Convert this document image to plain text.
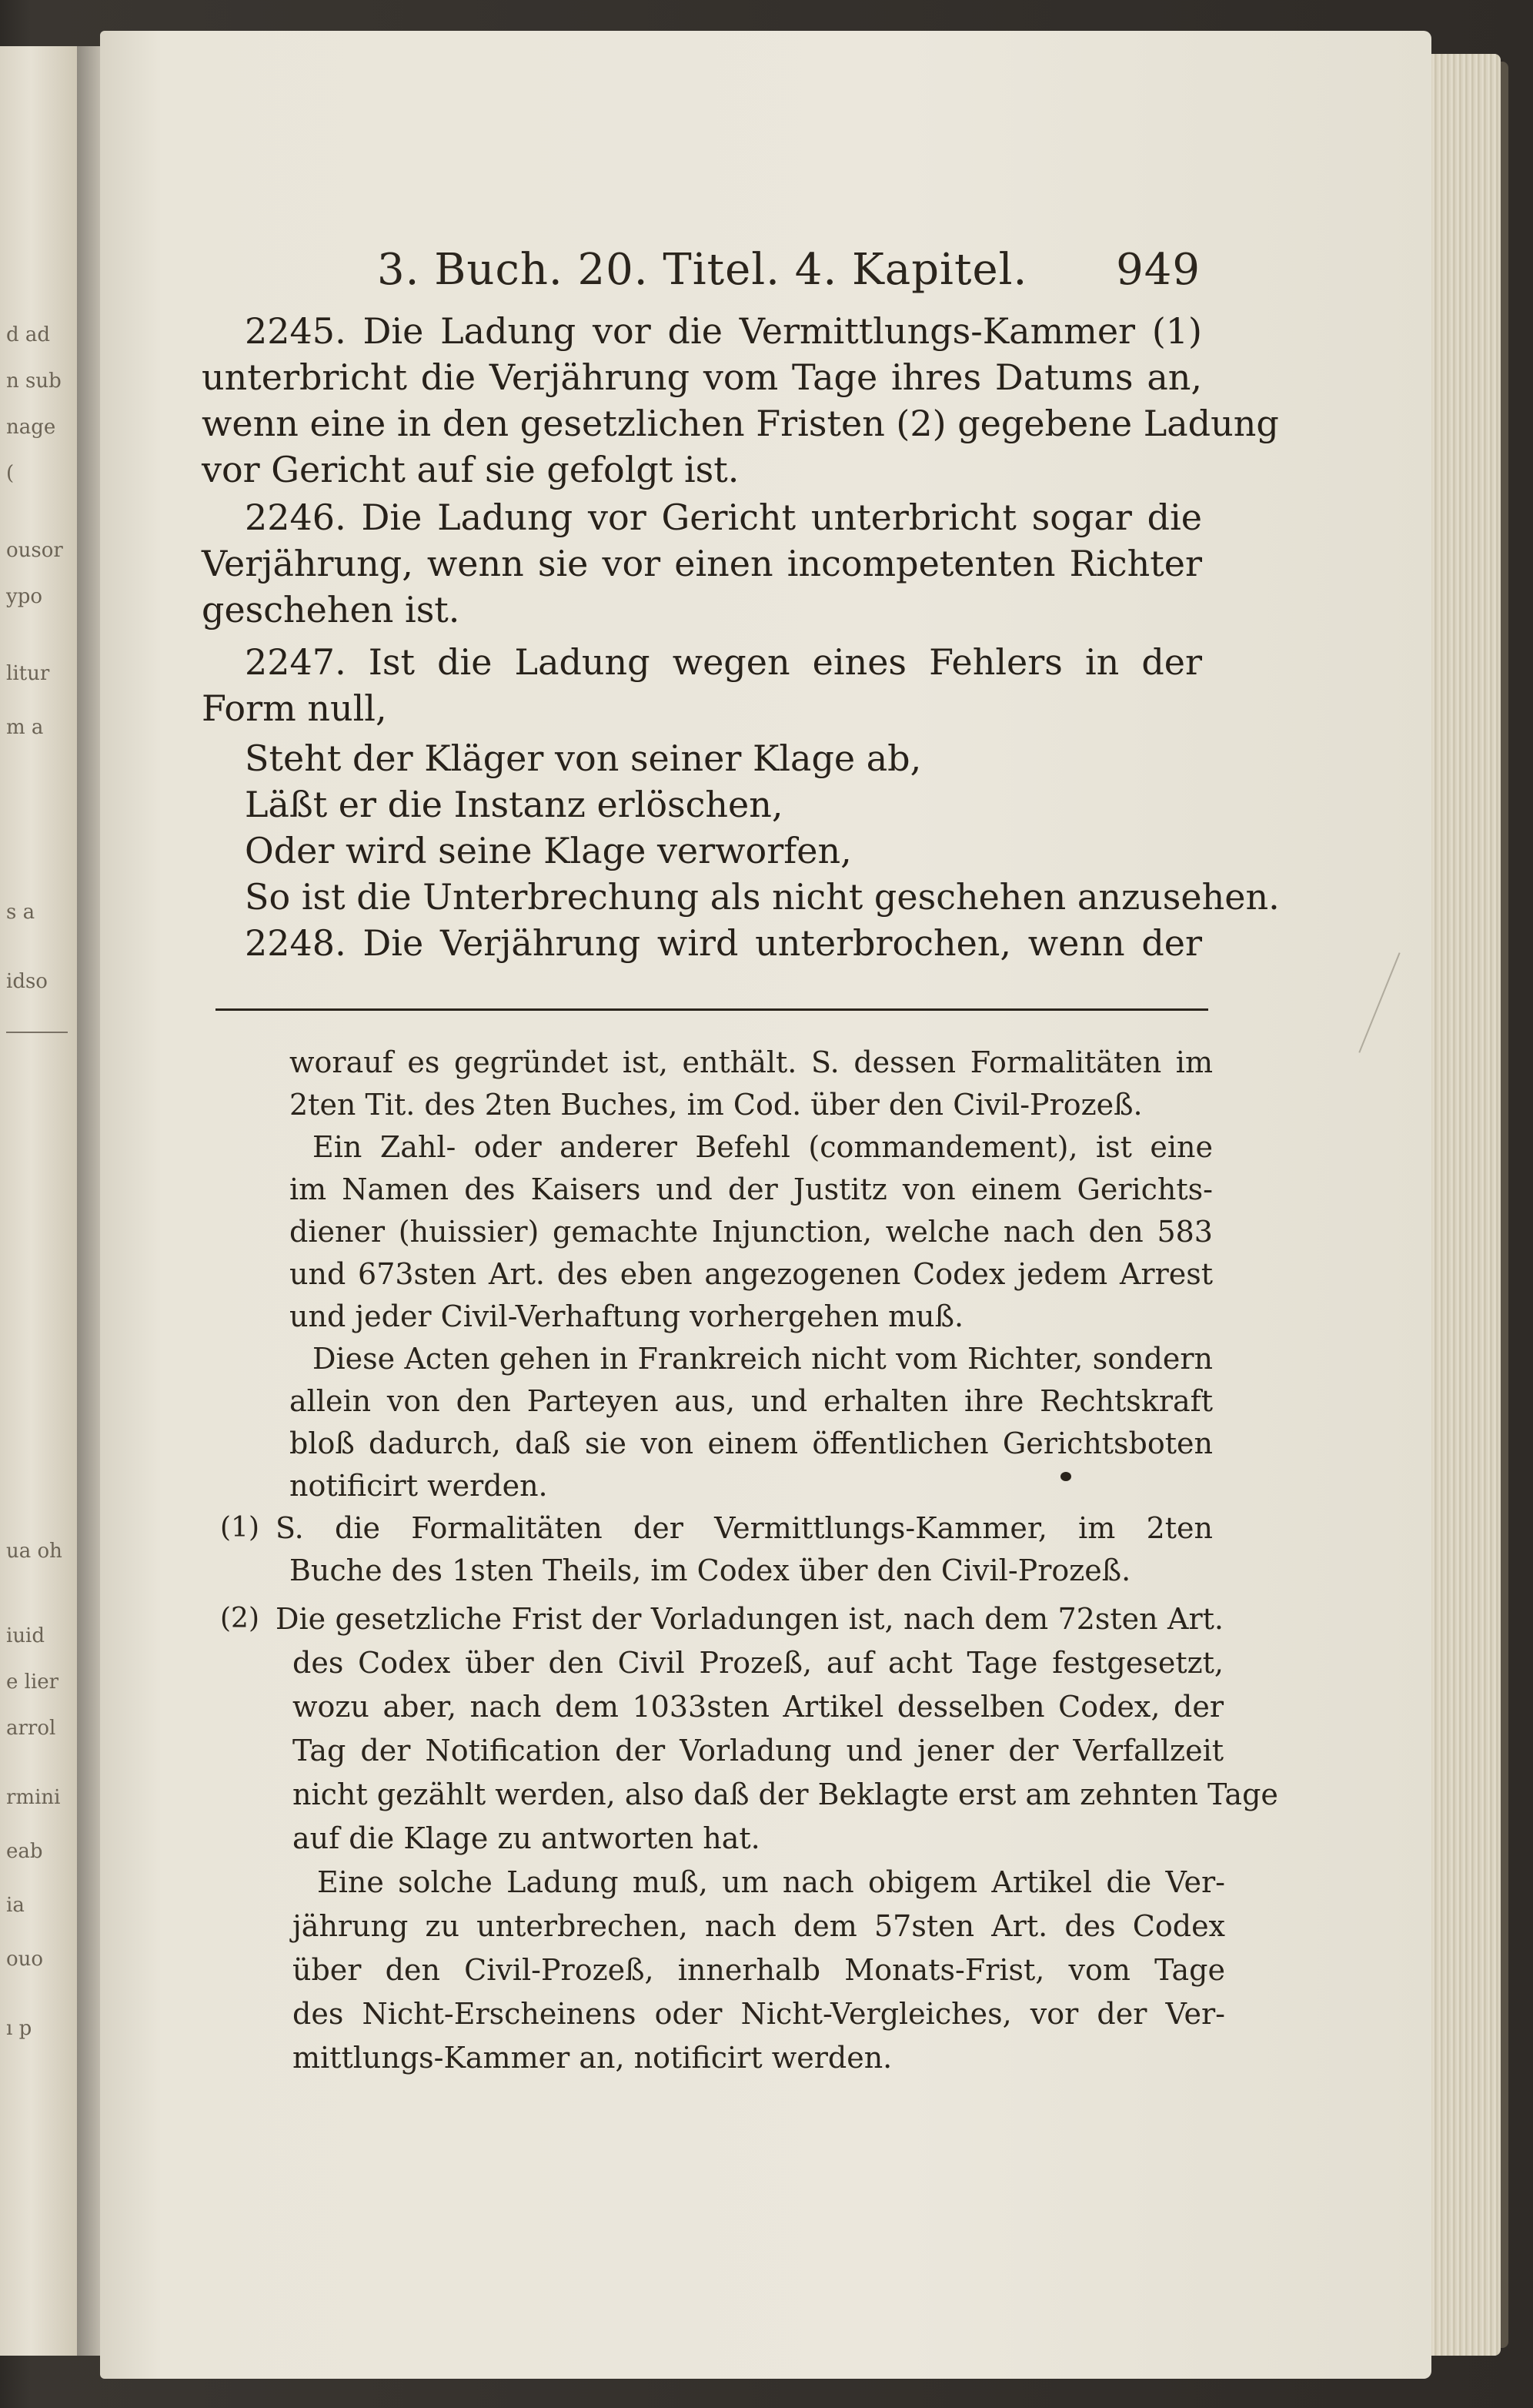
d ad
n sub
nage
(
ousor
ypo
litur
m a
s a
idso
ua oh
iuid
e lier
arrol
rmini
eab
ia
ouo
ı p
3. Buch. 20. Titel. 4. Kapitel. 949
2245. Die Ladung vor die Vermittlungs-Kammer (1)
unterbricht die Verjährung vom Tage ihres Datums an,
wenn eine in den gesetzlichen Fristen (2) gegebene Ladung
vor Gericht auf sie gefolgt ist.
2246. Die Ladung vor Gericht unterbricht sogar die
Verjährung, wenn sie vor einen incompetenten Richter
geschehen ist.
2247. Ist die Ladung wegen eines Fehlers in der
Form null,
Steht der Kläger von seiner Klage ab,
Läßt er die Instanz erlöschen,
Oder wird seine Klage verworfen,
So ist die Unterbrechung als nicht geschehen anzusehen.
2248. Die Verjährung wird unterbrochen, wenn der
worauf es gegründet ist, enthält. S. dessen Formalitäten im
2ten Tit. des 2ten Buches, im Cod. über den Civil-Prozeß.
Ein Zahl- oder anderer Befehl (commandement), ist eine
im Namen des Kaisers und der Justitz von einem Gerichts-
diener (huissier) gemachte Injunction, welche nach den 583
und 673sten Art. des eben angezogenen Codex jedem Arrest
und jeder Civil-Verhaftung vorhergehen muß.
Diese Acten gehen in Frankreich nicht vom Richter, sondern
allein von den Parteyen aus, und erhalten ihre Rechtskraft
bloß dadurch, daß sie von einem öffentlichen Gerichtsboten
notificirt werden.
(1) S. die Formalitäten der Vermittlungs-Kammer, im 2ten
Buche des 1sten Theils, im Codex über den Civil-Prozeß.
(2) Die gesetzliche Frist der Vorladungen ist, nach dem 72sten Art.
des Codex über den Civil Prozeß, auf acht Tage festgesetzt,
wozu aber, nach dem 1033sten Artikel desselben Codex, der
Tag der Notification der Vorladung und jener der Verfallzeit
nicht gezählt werden, also daß der Beklagte erst am zehnten Tage
auf die Klage zu antworten hat.
Eine solche Ladung muß, um nach obigem Artikel die Ver-
jährung zu unterbrechen, nach dem 57sten Art. des Codex
über den Civil-Prozeß, innerhalb Monats-Frist, vom Tage
des Nicht-Erscheinens oder Nicht-Vergleiches, vor der Ver-
mittlungs-Kammer an, notificirt werden.
